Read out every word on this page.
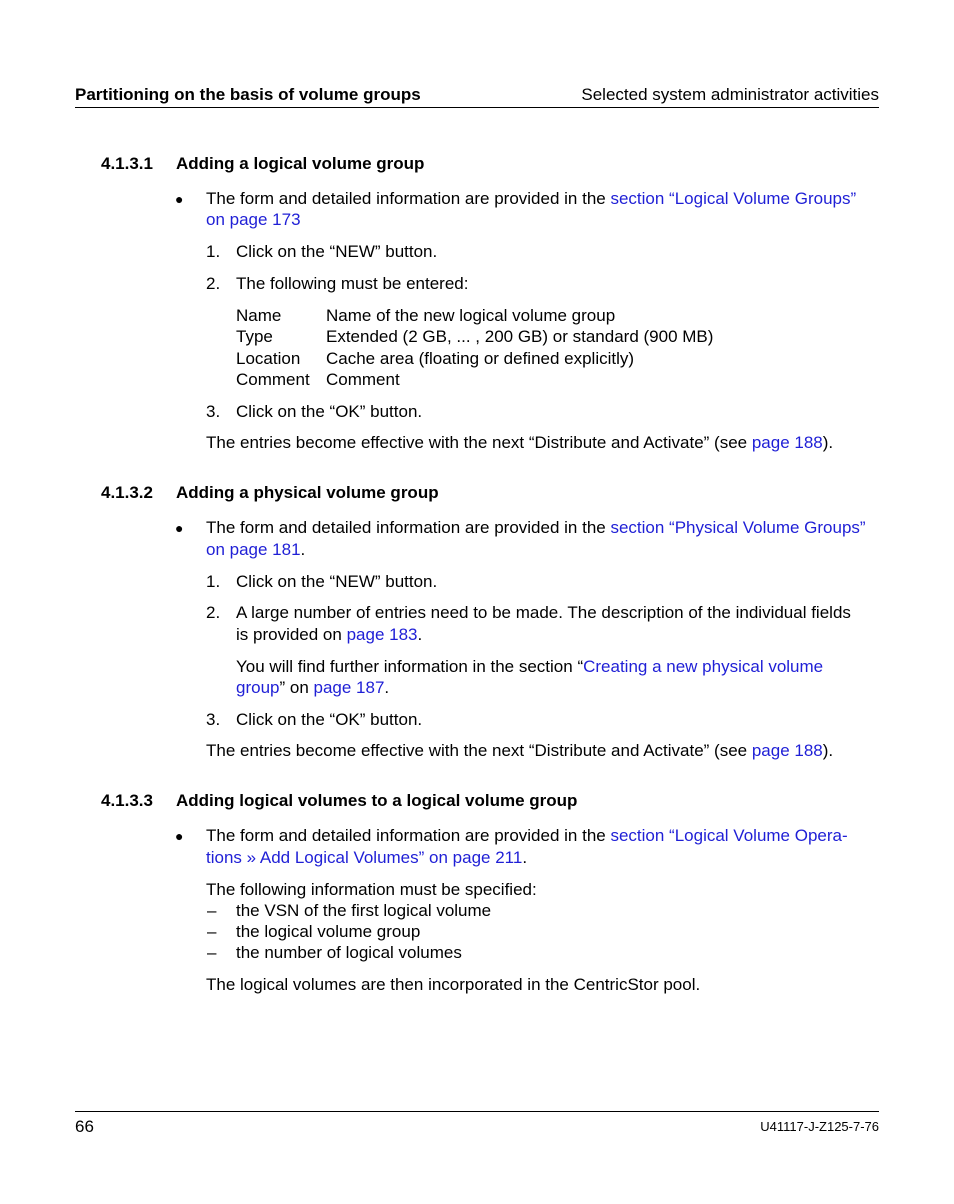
Partitioning on the basis of volume groups	Selected system administrator activities
4.1.3.1 Adding a logical volume group
● The form and detailed information are provided in the section “Logical Volume Groups”
on page 173
1. Click on the “NEW” button.
2. The following must be entered:
Name	Name of the new logical volume group
Type	Extended (2 GB, ... , 200 GB) or standard (900 MB)
Location Cache area (floating or defined explicitly)
Comment Comment
3. Click on the “OK” button.
The entries become effective with the next “Distribute and Activate” (see page 188).
4.1.3.2 Adding a physical volume group
● The form and detailed information are provided in the section “Physical Volume Groups”
on page 181.
1. Click on the “NEW” button.
2. A large number of entries need to be made. The description of the individual fields
is provided on page 183.
You will find further information in the section “Creating a new physical volume
group” on page 187.
3. Click on the “OK” button.
The entries become effective with the next “Distribute and Activate” (see page 188).
4.1.3.3 Adding logical volumes to a logical volume group
● The form and detailed information are provided in the section “Logical Volume Opera-
tions » Add Logical Volumes” on page 211.
The following information must be specified:
– the VSN of the first logical volume
– the logical volume group
– the number of logical volumes
The logical volumes are then incorporated in the CentricStor pool.
66	U41117-J-Z125-7-76
